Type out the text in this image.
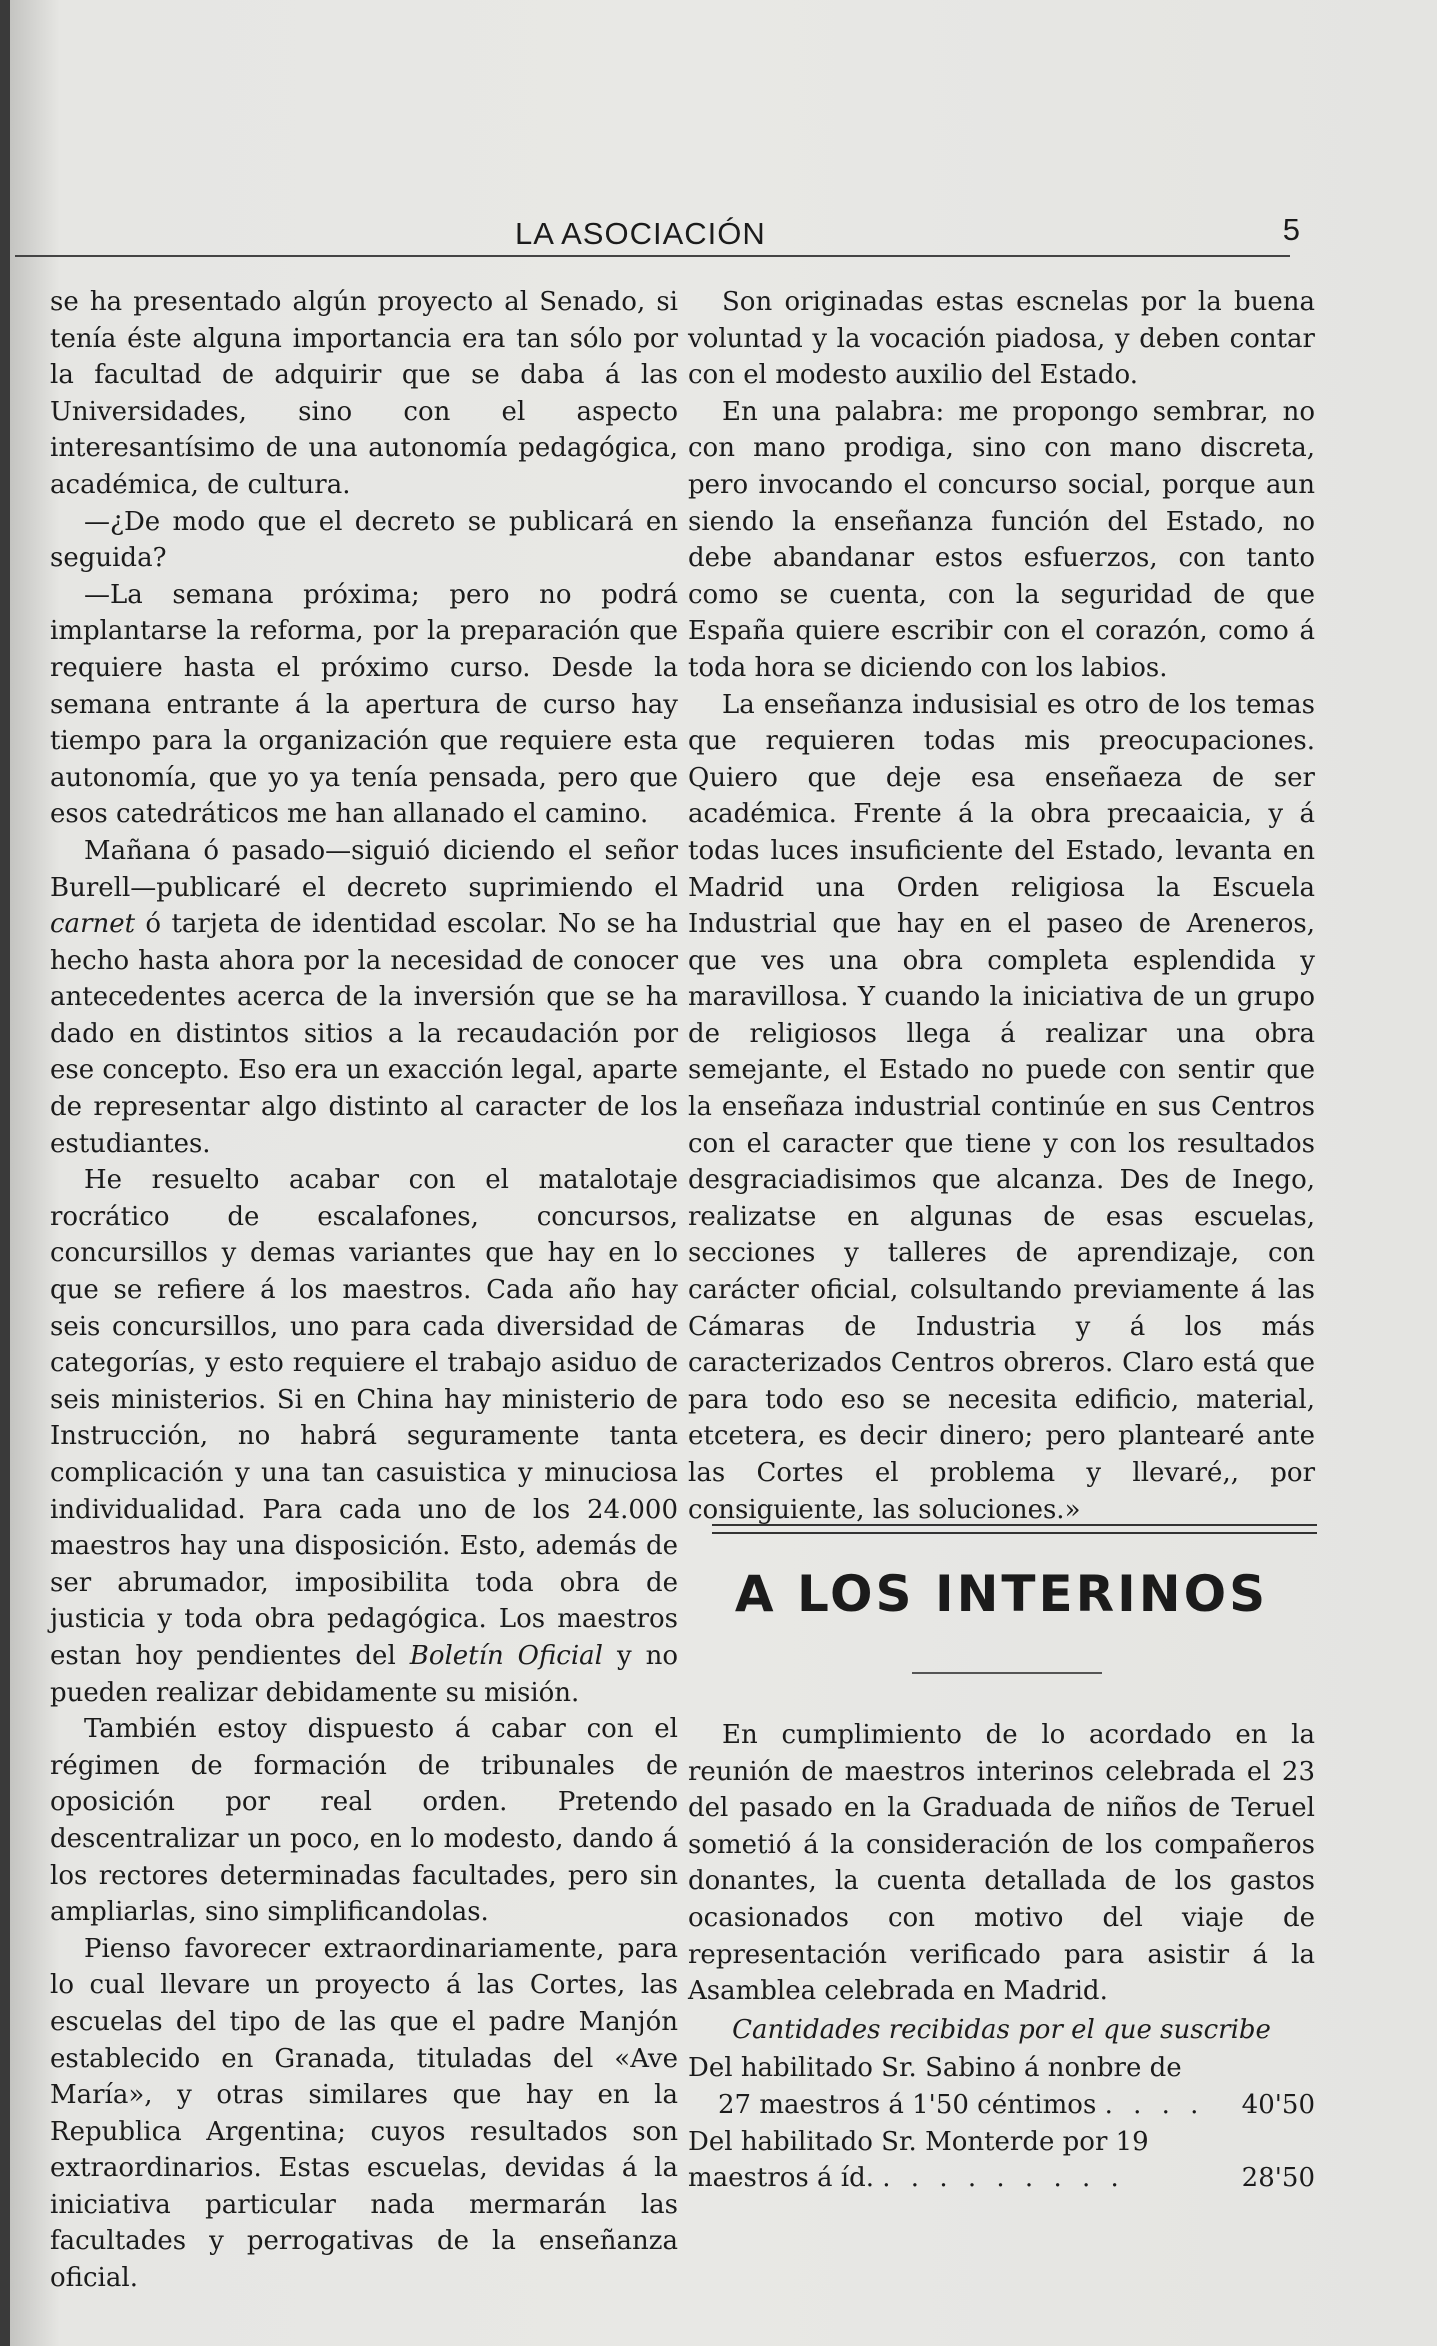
LA ASOCIACIÓN	5

se ha presentado algún proyecto al Senado, si tenía éste alguna importancia era tan sólo por la facultad de adquirir que se daba á las Universidades, sino con el aspecto interesantísimo de una autonomía pedagógica, académica, de cultura.

—¿De modo que el decreto se publicará en seguida?

—La semana próxima; pero no podrá implantarse la reforma, por la preparación que requiere hasta el próximo curso. Desde la semana entrante á la apertura de curso hay tiempo para la organización que requiere esta autonomía, que yo ya tenía pensada, pero que esos catedráticos me han allanado el camino.

Mañana ó pasado—siguió diciendo el señor Burell—publicaré el decreto suprimiendo el carnet ó tarjeta de identidad escolar. No se ha hecho hasta ahora por la necesidad de conocer antecedentes acerca de la inversión que se ha dado en distintos sitios a la recaudación por ese concepto. Eso era un exacción legal, aparte de representar algo distinto al caracter de los estudiantes.

He resuelto acabar con el matalotaje rocrático de escalafones, concursos, concursillos y demas variantes que hay en lo que se refiere á los maestros. Cada año hay seis concursillos, uno para cada diversidad de categorías, y esto requiere el trabajo asiduo de seis ministerios. Si en China hay ministerio de Instrucción, no habrá seguramente tanta complicación y una tan casuistica y minuciosa individualidad. Para cada uno de los 24.000 maestros hay una disposición. Esto, además de ser abrumador, imposibilita toda obra de justicia y toda obra pedagógica. Los maestros estan hoy pendientes del Boletín Oficial y no pueden realizar debidamente su misión.

También estoy dispuesto á cabar con el régimen de formación de tribunales de oposición por real orden. Pretendo descentralizar un poco, en lo modesto, dando á los rectores determinadas facultades, pero sin ampliarlas, sino simplificandolas.

Pienso favorecer extraordinariamente, para lo cual llevare un proyecto á las Cortes, las escuelas del tipo de las que el padre Manjón establecido en Granada, tituladas del «Ave María», y otras similares que hay en la Republica Argentina; cuyos resultados son extraordinarios. Estas escuelas, devidas á la iniciativa particular nada mermarán las facultades y perrogativas de la enseñanza oficial.

Son originadas estas escnelas por la buena voluntad y la vocación piadosa, y deben contar con el modesto auxilio del Estado.

En una palabra: me propongo sembrar, no con mano prodiga, sino con mano discreta, pero invocando el concurso social, porque aun siendo la enseñanza función del Estado, no debe abandanar estos esfuerzos, con tanto como se cuenta, con la seguridad de que España quiere escribir con el corazón, como á toda hora se diciendo con los labios.

La enseñanza indusisial es otro de los temas que requieren todas mis preocupaciones. Quiero que deje esa enseñaeza de ser académica. Frente á la obra precaaicia, y á todas luces insuficiente del Estado, levanta en Madrid una Orden religiosa la Escuela Industrial que hay en el paseo de Areneros, que ves una obra completa esplendida y maravillosa. Y cuando la iniciativa de un grupo de religiosos llega á realizar una obra semejante, el Estado no puede con sentir que la enseñaza industrial continúe en sus Centros con el caracter que tiene y con los resultados desgraciadisimos que alcanza. Des de Inego, realizatse en algunas de esas escuelas, secciones y talleres de aprendizaje, con carácter oficial, colsultando previamente á las Cámaras de Industria y á los más caracterizados Centros obreros. Claro está que para todo eso se necesita edificio, material, etcetera, es decir dinero; pero plantearé ante las Cortes el problema y llevaré,, por consiguiente, las soluciones.»

A LOS INTERINOS

En cumplimiento de lo acordado en la reunión de maestros interinos celebrada el 23 del pasado en la Graduada de niños de Teruel sometió á la consideración de los compañeros donantes, la cuenta detallada de los gastos ocasionados con motivo del viaje de representación verificado para asistir á la Asamblea celebrada en Madrid.

Cantidades recibidas por el que suscribe

Del habilitado Sr. Sabino á nonbre de
27 maestros á 1'50 céntimos . . . .	40'50
Del habilitado Sr. Monterde por 19
maestros á íd. . . . . . . . . .	28'50
